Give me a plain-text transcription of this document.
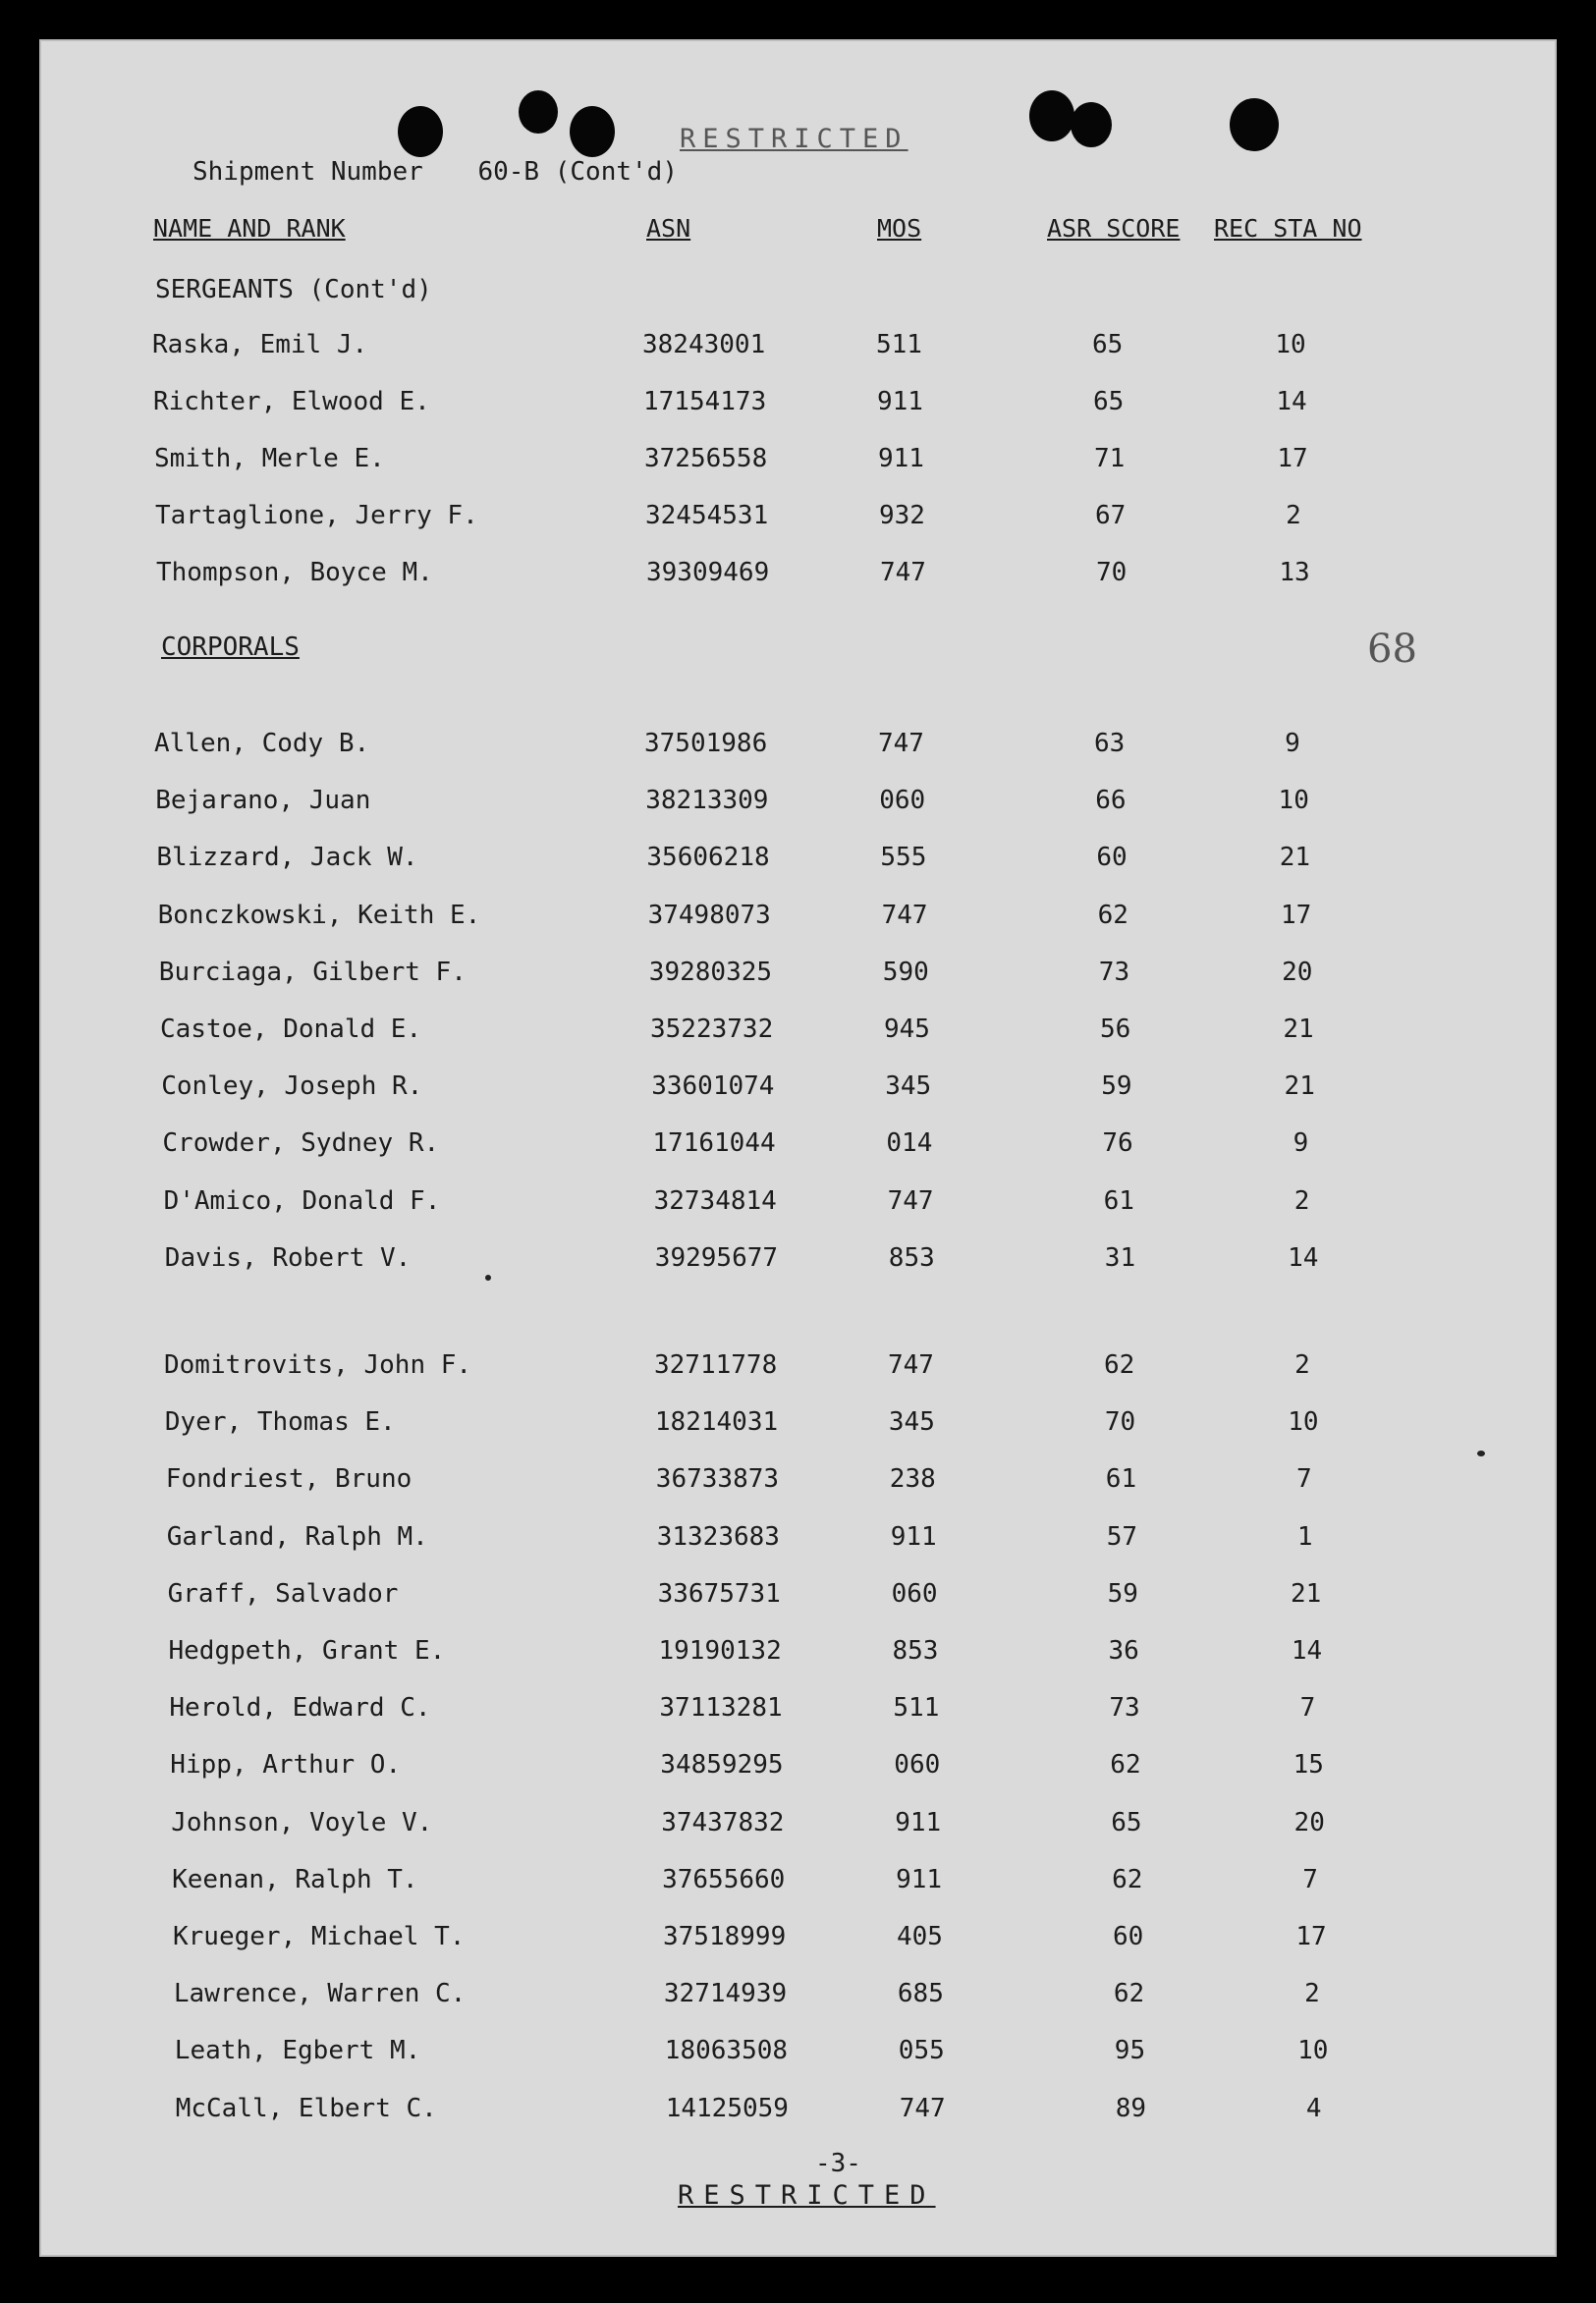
RESTRICTED
Shipment Number 60-B (Cont'd)
NAME AND RANK	ASN	MOS	ASR SCORE REC STA NO
SERGEANTS (Cont'd)
Raska, Emil J.	38243001	511	65	10
Richter, Elwood E.	17154173	911	65	14
Smith, Merle E.	37256558	911	71	17
Tartaglione, Jerry F.	32454531	932	67	2
Thompson, Boyce M.	39309469	747	70	13
68
CORPORALS
Allen, Cody B.	37501986	747	63	9
Bejarano, Juan	38213309	060	66	10
Blizzard, Jack W.	35606218	555	60	21
Bonczkowski, Keith E.	37498073	747	62	17
Burciaga, Gilbert F.	39280325	590	73	20
Castoe, Donald E.	35223732	945	56	21
Conley, Joseph R.	33601074	345	59	21
Crowder, Sydney R.	17161044	014	76	9
D'Amico, Donald F.	32734814	747	61	2
Davis, Robert V.	39295677	853	31	14
Domitrovits, John F.	32711778	747	62	2
Dyer, Thomas E.	18214031	345	70	10
Fondriest, Bruno	36733873	238	61	7
Garland, Ralph M.	31323683	911	57	1
Graff, Salvador	33675731	060	59	21
Hedgpeth, Grant E.	19190132	853	36	14
Herold, Edward C.	37113281	511	73	7
Hipp, Arthur O.	34859295	060	62	15
Johnson, Voyle V.	37437832	911	65	20
Keenan, Ralph T.	37655660	911	62	7
Krueger, Michael T.	37518999	405	60	17
Lawrence, Warren C.	32714939	685	62	2
Leath, Egbert M.	18063508	055	95	10
McCall, Elbert C.	14125059	747	89	4
-3-
RESTRICTED
